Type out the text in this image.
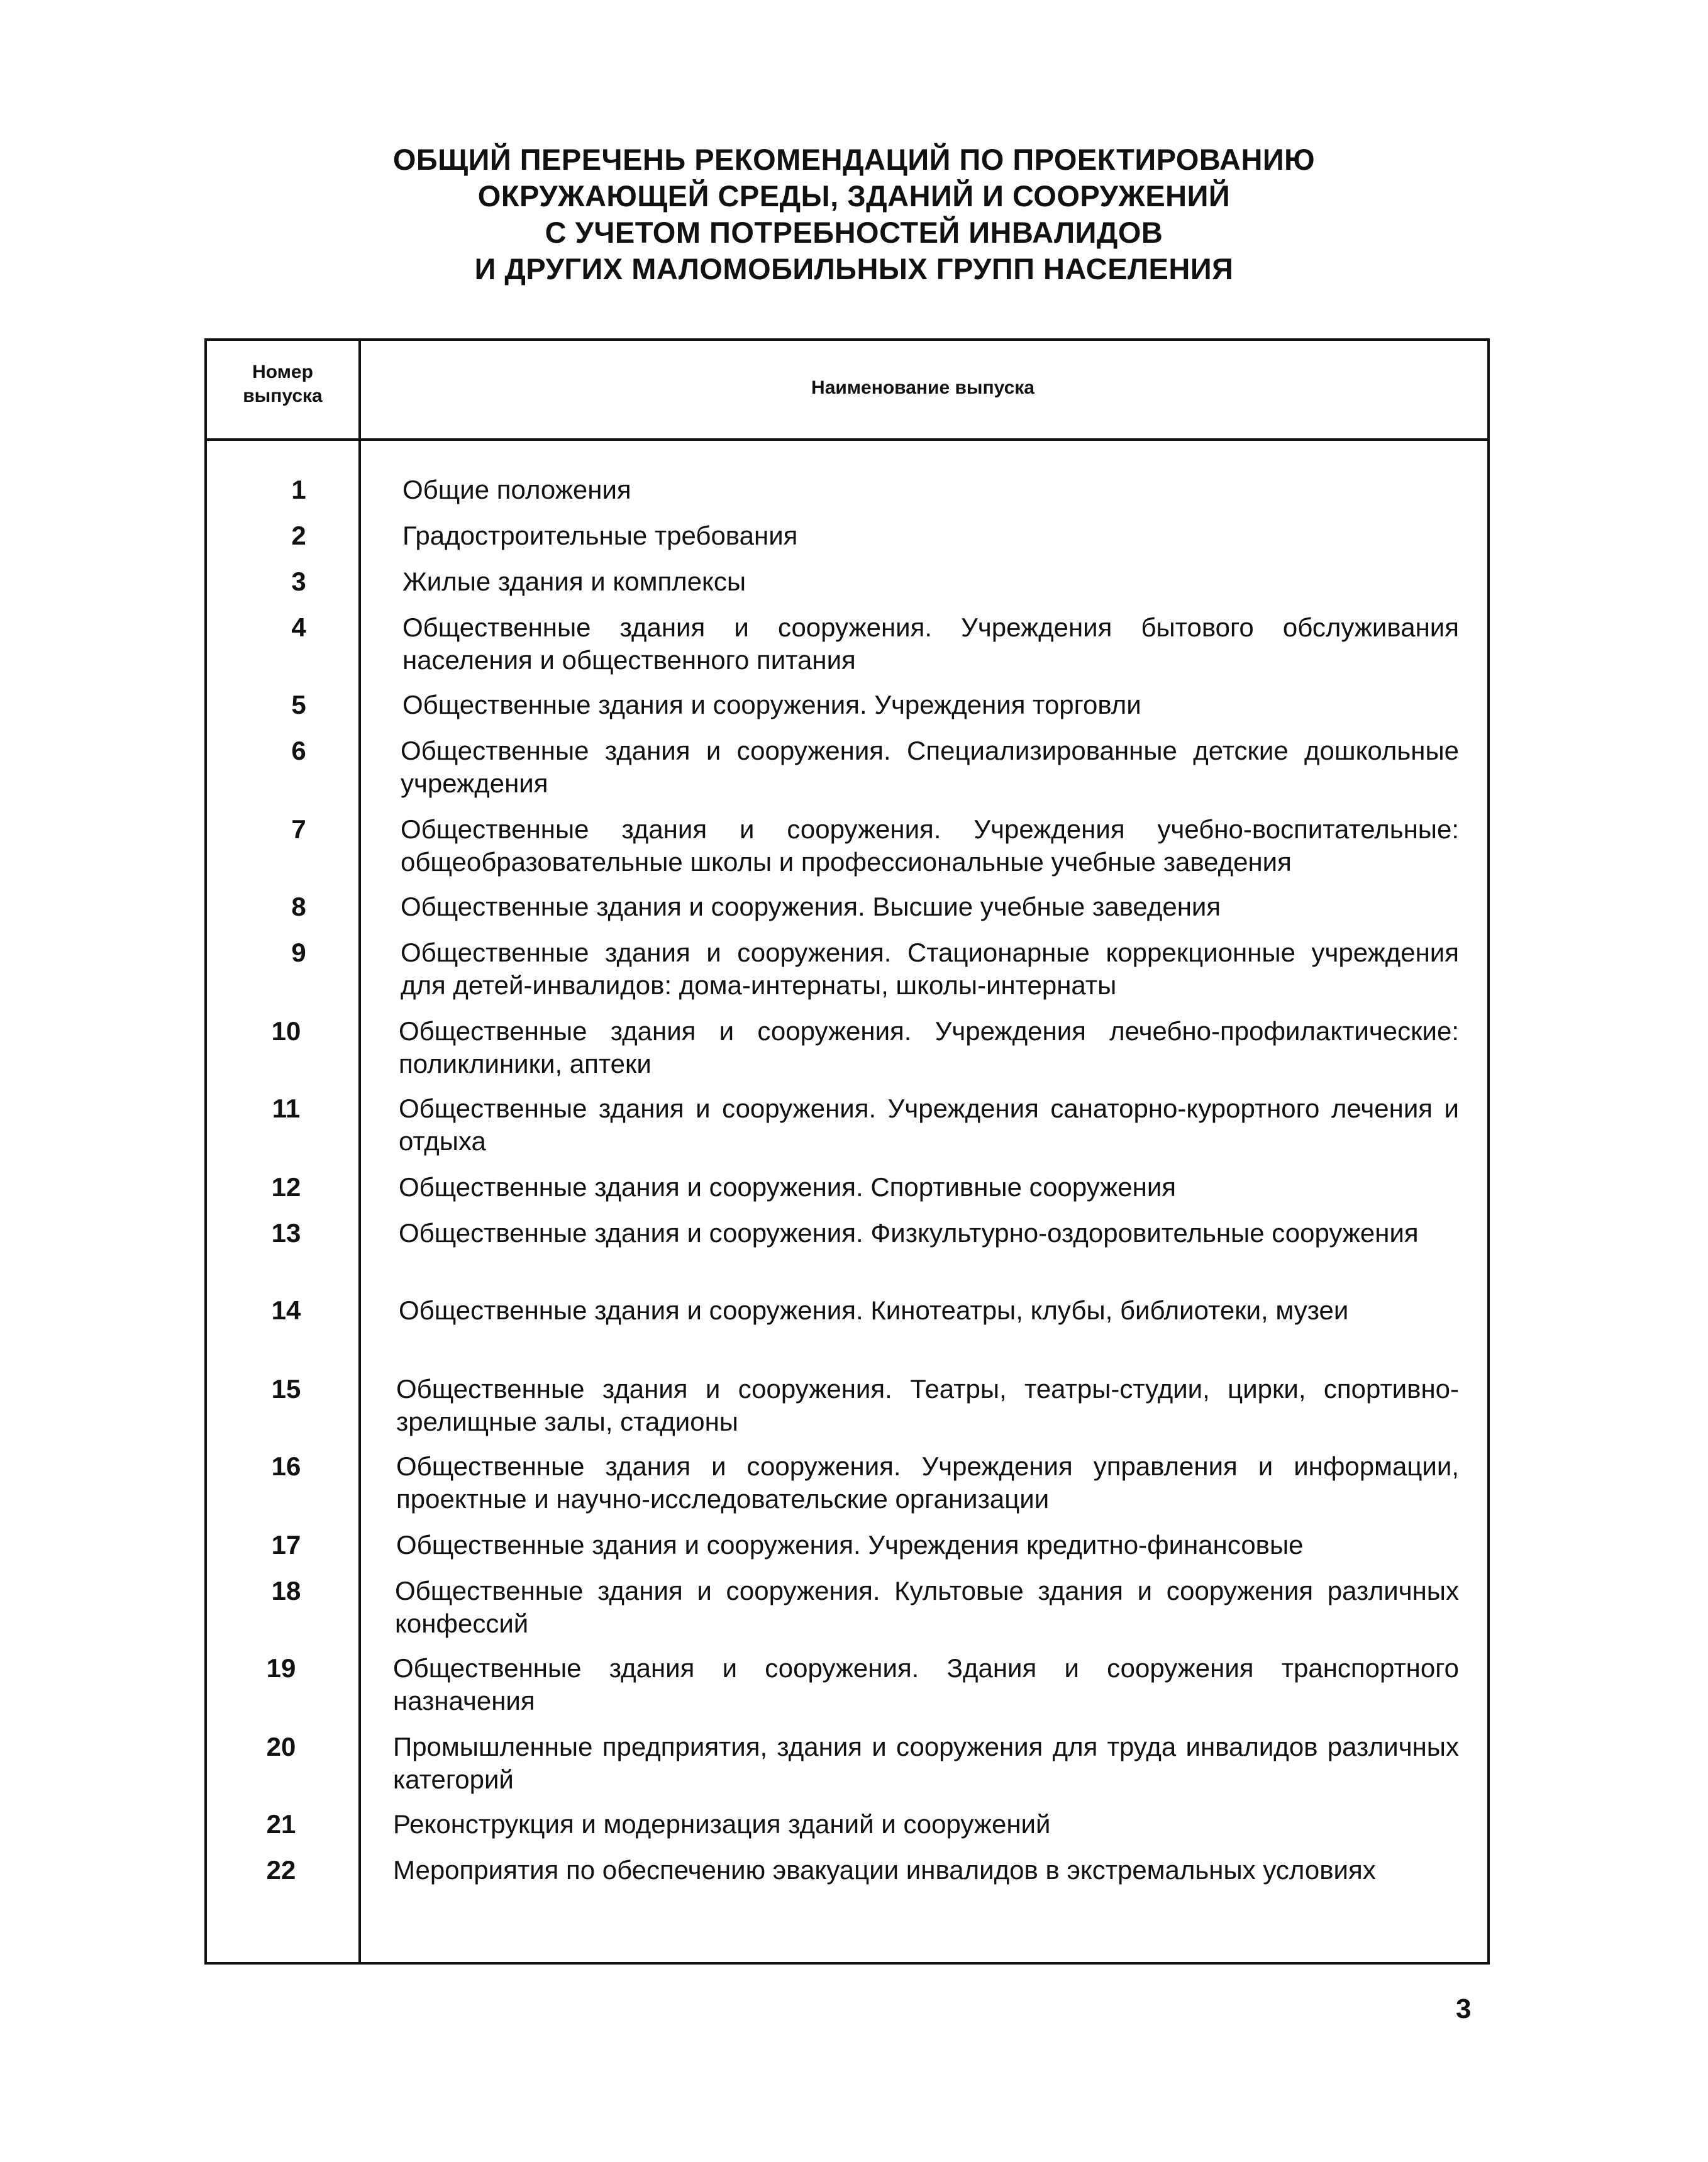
ОБЩИЙ ПЕРЕЧЕНЬ РЕКОМЕНДАЦИЙ ПО ПРОЕКТИРОВАНИЮ
ОКРУЖАЮЩЕЙ СРЕДЫ, ЗДАНИЙ И СООРУЖЕНИЙ
С УЧЕТОМ ПОТРЕБНОСТЕЙ ИНВАЛИДОВ
И ДРУГИХ МАЛОМОБИЛЬНЫХ ГРУПП НАСЕЛЕНИЯ
Номер
выпуска	Наименование выпуска
1	Общие положения
2	Градостроительные требования
3	Жилые здания и комплексы
4	Общественные здания и сооружения. Учреждения бытового обслуживания населения и общественного питания
5	Общественные здания и сооружения. Учреждения торговли
6	Общественные здания и сооружения. Специализированные детские дошкольные учреждения
7	Общественные здания и сооружения. Учреждения учебно-воспитательные: общеобразовательные школы и профессиональные учебные заведения
8	Общественные здания и сооружения. Высшие учебные заведения
9	Общественные здания и сооружения. Стационарные коррекционные учреждения для детей-инвалидов: дома-интернаты, школы-интернаты
10	Общественные здания и сооружения. Учреждения лечебно-профилактические: поликлиники, аптеки
11	Общественные здания и сооружения. Учреждения санаторно-курортного лечения и отдыха
12	Общественные здания и сооружения. Спортивные сооружения
13	Общественные здания и сооружения. Физкультурно-оздоровительные сооружения
14	Общественные здания и сооружения. Кинотеатры, клубы, библиотеки, музеи
15	Общественные здания и сооружения. Театры, театры-студии, цирки, спортивно-зрелищные залы, стадионы
16	Общественные здания и сооружения. Учреждения управления и информации, проектные и научно-исследовательские организации
17	Общественные здания и сооружения. Учреждения кредитно-финансовые
18	Общественные здания и сооружения. Культовые здания и сооружения различных конфессий
19	Общественные здания и сооружения. Здания и сооружения транспортного назначения
20	Промышленные предприятия, здания и сооружения для труда инвалидов различных категорий
21	Реконструкция и модернизация зданий и сооружений
22	Мероприятия по обеспечению эвакуации инвалидов в экстремальных условиях
3
